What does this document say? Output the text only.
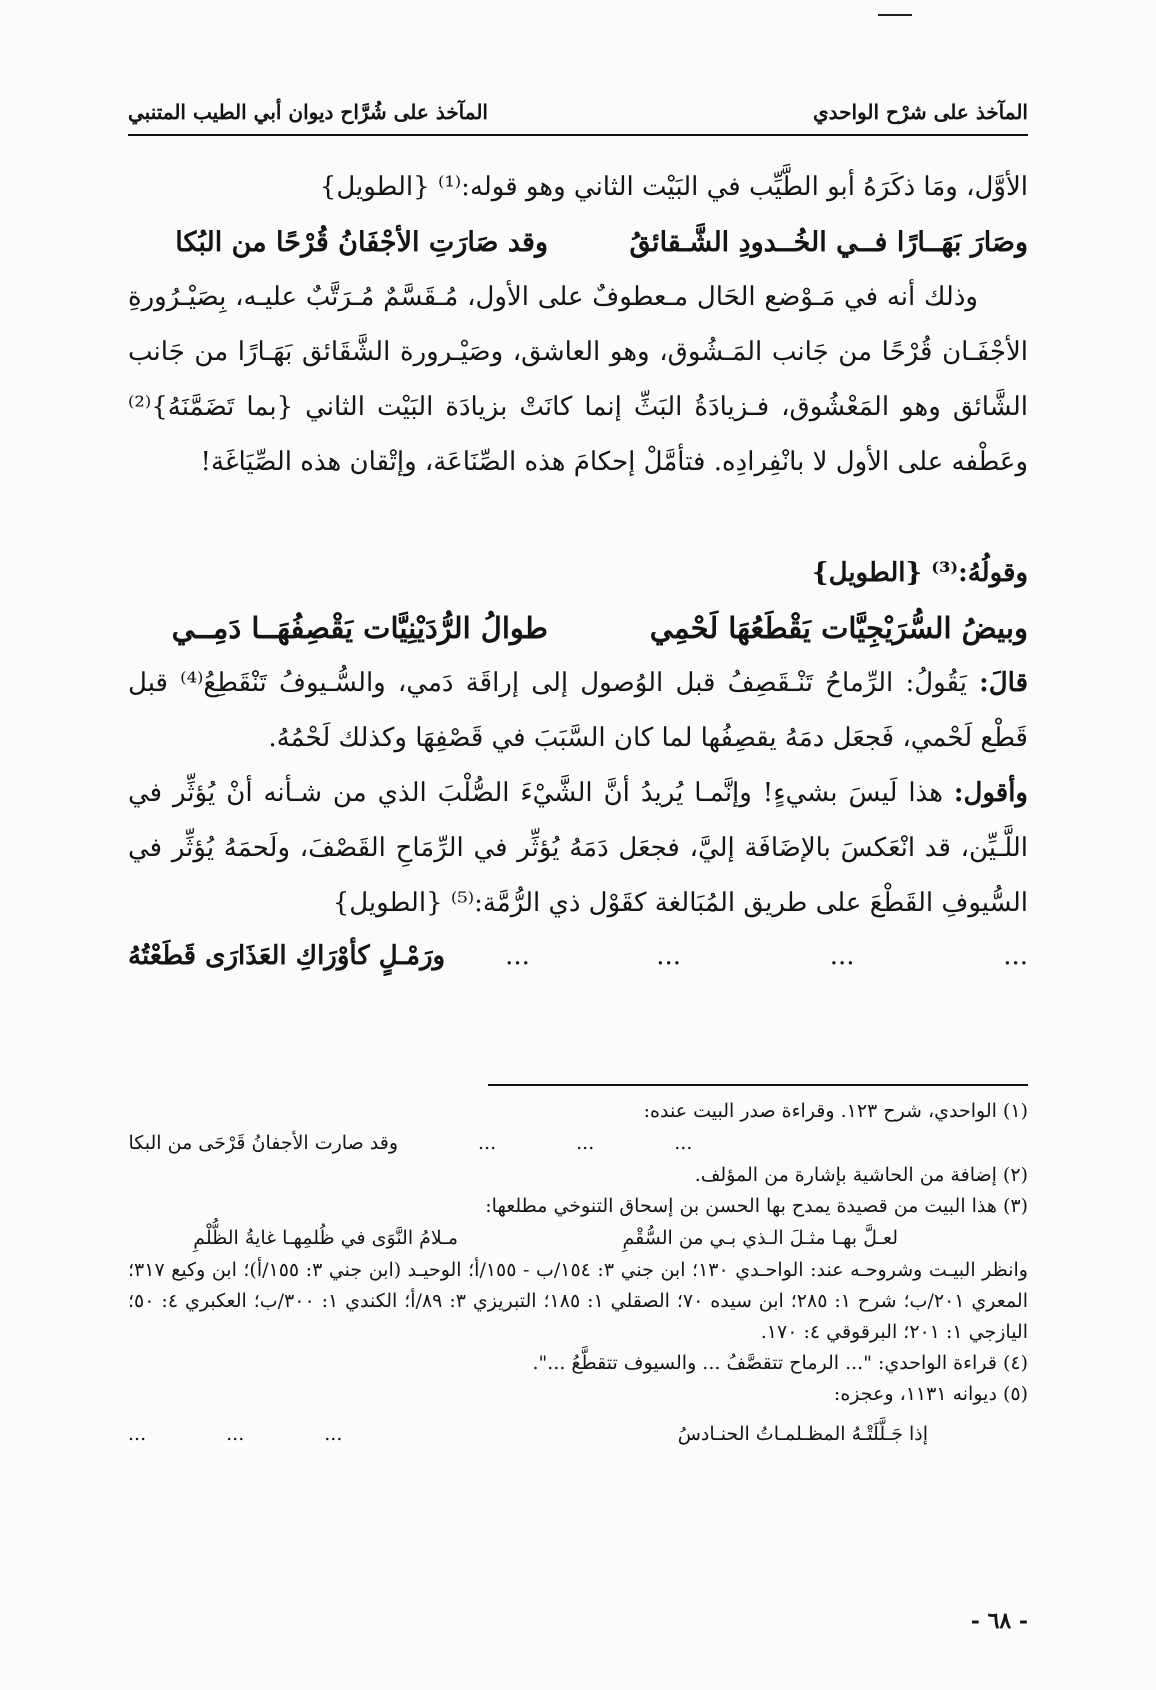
المآخذ على شُرَّاح ديوان أبي الطيب المتنبي	المآخذ على شرْح الواحدي

الأوَّل، ومَا ذكَرَهُ أبو الطَّيِّب في البَيْت الثاني وهو قوله:⁽¹⁾ {الطويل}

وقد صَارَتِ الأجْفَانُ قُرْحًا من البُكا	وصَارَ بَهَــارًا فــي الخُــدودِ الشَّـقائقُ

وذلك أنه في مَـوْضع الحَال مـعطوفٌ على الأول، مُـقَسَّمٌ مُـرَتَّبٌ عليـه، بِصَيْـرُورةِ الأجْفَـان قُرْحًا من جَانب المَـشُوق، وهو العاشق، وصَيْـرورة الشَّقَائق بَهَـارًا من جَانب الشَّائق وهو المَعْشُوق، فـزيادَةُ البَثِّ إنما كانَتْ بزيادَة البَيْت الثاني {بما تَضَمَّنَهُ}⁽²⁾ وعَطْفه على الأول لا بانْفِرادِه. فتأمَّلْ إحكامَ هذه الصِّنَاعَة، وإتْقان هذه الصِّيَاغَة!

وقولُهُ:⁽³⁾ {الطويل}

طوالُ الرُّدَيْنِيَّات يَقْصِفُهَــا دَمِــي	وبيضُ السُّرَيْجِيَّات يَقْطَعُهَا لَحْمِي

قالَ: يَقُولُ: الرِّماحُ تَنْـقَصِفُ قبل الوُصول إلى إراقَة دَمي، والسُّـيوفُ تَنْقَطِعُ⁽⁴⁾ قبل قَطْع لَحْمي، فَجعَل دمَهُ يقصِفُها لما كان السَّبَبَ في قَصْفِهَا وكذلك لَحْمُهُ.

وأقول: هذا لَيسَ بشيءٍ! وإنَّمـا يُريدُ أنَّ الشَّيْءَ الصُّلْبَ الذي من شـأنه أنْ يُؤثِّر في اللَّـيِّن، قد انْعَكسَ بالإضَافَة إليَّ، فجعَل دَمَهُ يُؤثِّر في الرِّمَاحِ القَصْفَ، ولَحمَهُ يُؤثِّر في السُّيوفِ القَطْعَ على طريق المُبَالغة كقَوْل ذي الرُّمَّة:⁽⁵⁾ {الطويل}

ورَمْـلٍ كأوْرَاكِ العَذَارَى قَطَعْتُهُ ...	...	...	...

(١) الواحدي، شرح ١٢٣. وقراءة صدر البيت عنده:

وقد صارت الأجفانُ قَرْحَى من البكا	...	...	...

(٢) إضافة من الحاشية بإشارة من المؤلف.

(٣) هذا البيت من قصيدة يمدح بها الحسن بن إسحاق التنوخي مطلعها:

مـلامُ النَّوَى في ظُلمِهـا غايةُ الظُّلْمِ	لعـلَّ بهـا مثـلَ الـذي بـي من السُّقْمِ

وانظر البيـت وشروحـه عند: الواحـدي ١٣٠؛ ابن جني ٣: ١٥٤/ب - ١٥٥/أ؛ الوحيـد (ابن جني ٣: ١٥٥/أ)؛ ابن وكيع ٣١٧؛ المعري ٢٠١/ب؛ شرح ١: ٢٨٥؛ ابن سيده ٧٠؛ الصقلي ١: ١٨٥؛ التبريزي ٣: ٨٩/أ؛ الكندي ١: ٣٠٠/ب؛ العكبري ٤: ٥٠؛ اليازجي ١: ٢٠١؛ البرقوقي ٤: ١٧٠.

(٤) قراءة الواحدي: "... الرماح تتقصَّفُ ... والسيوف تتقطَّعُ ...".

(٥) ديوانه ١١٣١، وعجزه:

...	...	...	إذا جَـلَّلَتْـهُ المظـلمـاتُ الحنـادسُ
- ٦٨ -
